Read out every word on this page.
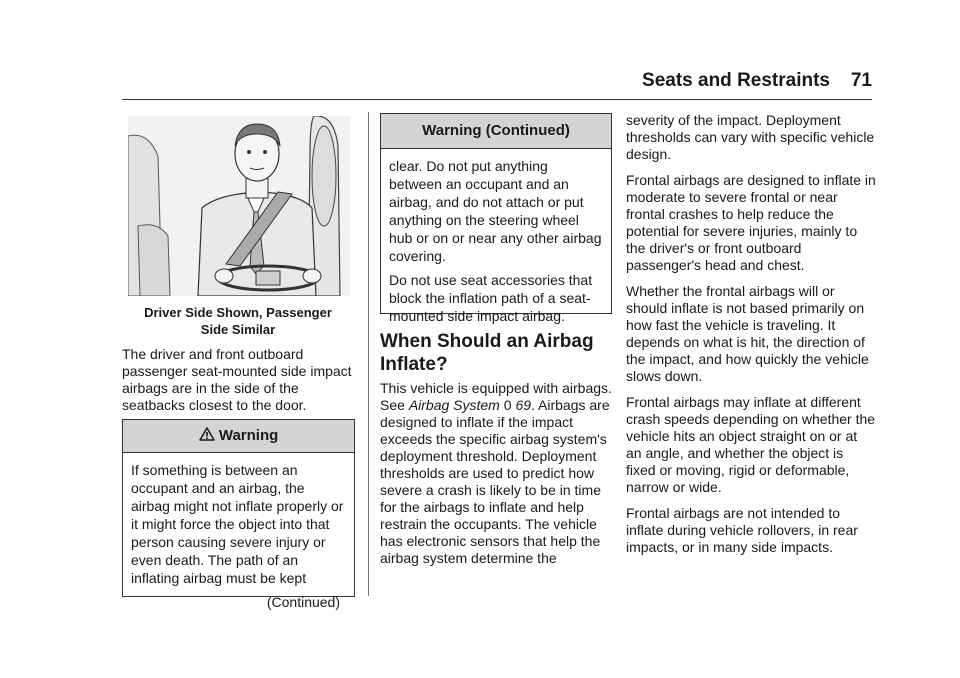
Seats and Restraints 71
Driver Side Shown, Passenger
Side Similar
The driver and front outboard passenger seat-mounted side impact airbags are in the side of the seatbacks closest to the door.
Warning

If something is between an occupant and an airbag, the airbag might not inflate properly or it might force the object into that person causing severe injury or even death. The path of an inflating airbag must be kept

(Continued)
Warning (Continued)

clear. Do not put anything between an occupant and an airbag, and do not attach or put anything on the steering wheel hub or on or near any other airbag covering.

Do not use seat accessories that block the inflation path of a seat-mounted side impact airbag.

When Should an Airbag Inflate?
This vehicle is equipped with airbags. See Airbag System 0 69. Airbags are designed to inflate if the impact exceeds the specific airbag system's deployment threshold. Deployment thresholds are used to predict how severe a crash is likely to be in time for the airbags to inflate and help restrain the occupants. The vehicle has electronic sensors that help the airbag system determine the

severity of the impact. Deployment thresholds can vary with specific vehicle design.

Frontal airbags are designed to inflate in moderate to severe frontal or near frontal crashes to help reduce the potential for severe injuries, mainly to the driver's or front outboard passenger's head and chest.

Whether the frontal airbags will or should inflate is not based primarily on how fast the vehicle is traveling. It depends on what is hit, the direction of the impact, and how quickly the vehicle slows down.

Frontal airbags may inflate at different crash speeds depending on whether the vehicle hits an object straight on or at an angle, and whether the object is fixed or moving, rigid or deformable, narrow or wide.

Frontal airbags are not intended to inflate during vehicle rollovers, in rear impacts, or in many side impacts.
